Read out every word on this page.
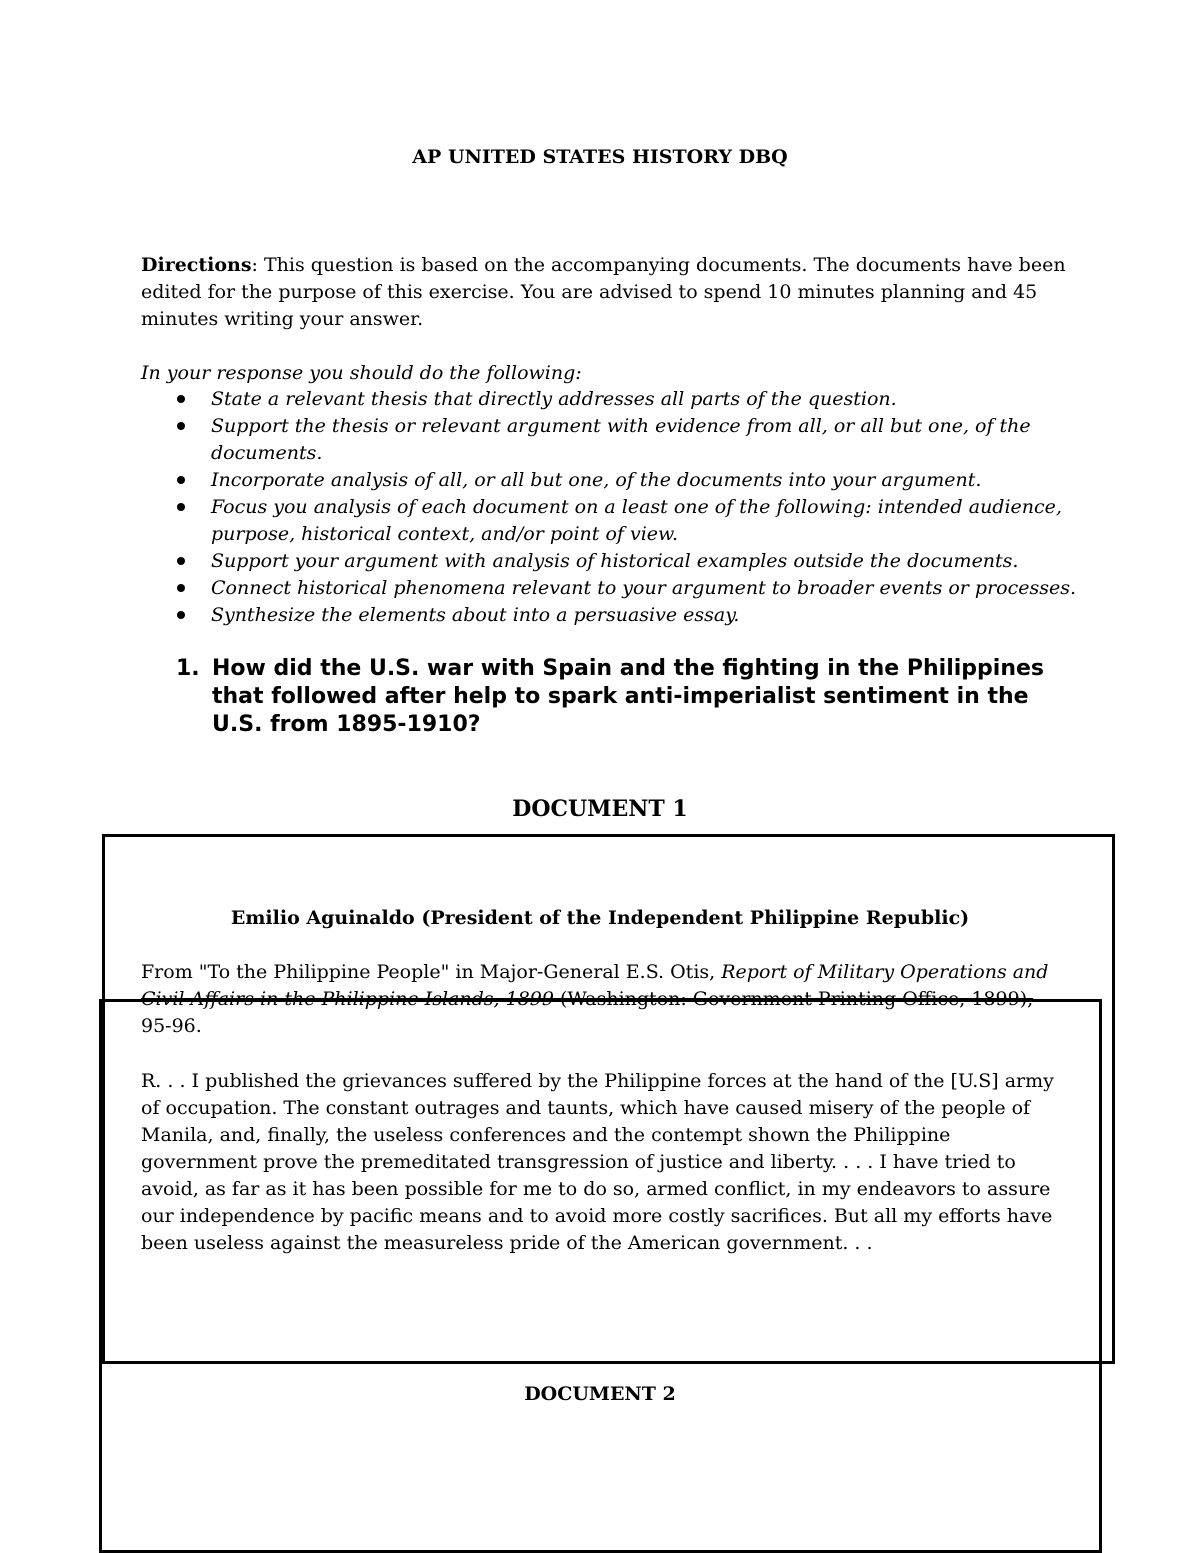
AP UNITED STATES HISTORY DBQ

Directions: This question is based on the accompanying documents. The documents have been edited for the purpose of this exercise. You are advised to spend 10 minutes planning and 45 minutes writing your answer.

In your response you should do the following:

State a relevant thesis that directly addresses all parts of the question.
Support the thesis or relevant argument with evidence from all, or all but one, of the documents.
Incorporate analysis of all, or all but one, of the documents into your argument.
Focus you analysis of each document on a least one of the following: intended audience, purpose, historical context, and/or point of view.
Support your argument with analysis of historical examples outside the documents.
Connect historical phenomena relevant to your argument to broader events or processes.
Synthesize the elements about into a persuasive essay.
1. How did the U.S. war with Spain and the fighting in the Philippines that followed after help to spark anti-imperialist sentiment in the U.S. from 1895-1910?
DOCUMENT 1
Emilio Aguinaldo (President of the Independent Philippine Republic)

From "To the Philippine People" in Major-General E.S. Otis, Report of Military Operations and
Civil Affairs in the Philippine Islands, 1899 (Washington: Government Printing Office, 1899),
95-96.

R. . . I published the grievances suffered by the Philippine forces at the hand of the [U.S] army of occupation. The constant outrages and taunts, which have caused misery of the people of Manila, and, finally, the useless conferences and the contempt shown the Philippine government prove the premeditated transgression of justice and liberty. . . . I have tried to avoid, as far as it has been possible for me to do so, armed conflict, in my endeavors to assure our independence by pacific means and to avoid more costly sacrifices. But all my efforts have been useless against the measureless pride of the American government. . .

DOCUMENT 2
